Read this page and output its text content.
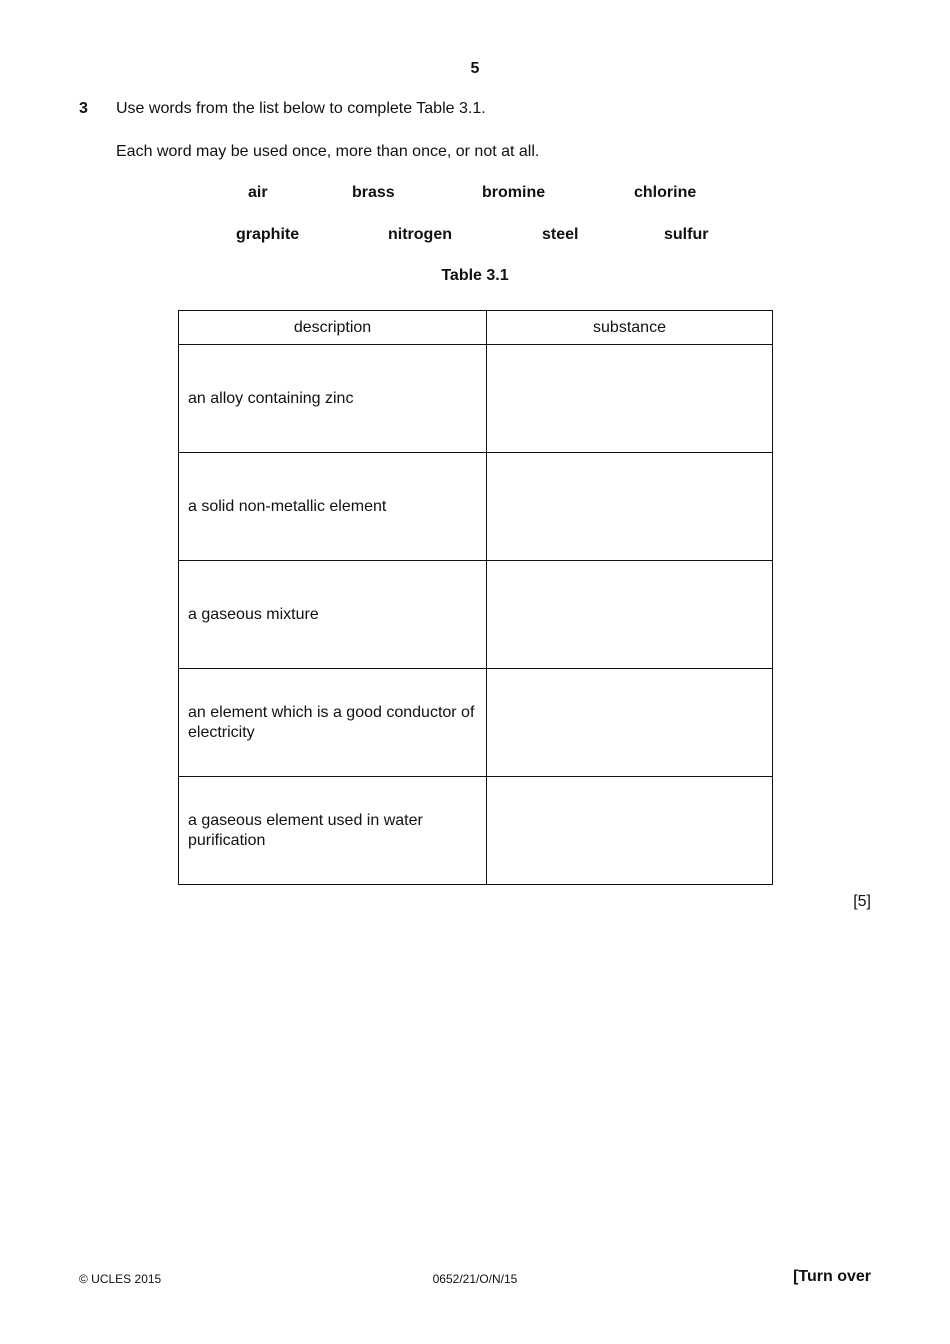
5
3 Use words from the list below to complete Table 3.1.
Each word may be used once, more than once, or not at all.
air	brass	bromine	chlorine
graphite	nitrogen	steel	sulfur
Table 3.1
description	substance
an alloy containing zinc	
a solid non-metallic element	
a gaseous mixture	
an element which is a good conductor of electricity	
a gaseous element used in water purification	
[5]
© UCLES 2015	0652/21/O/N/15	[Turn over
